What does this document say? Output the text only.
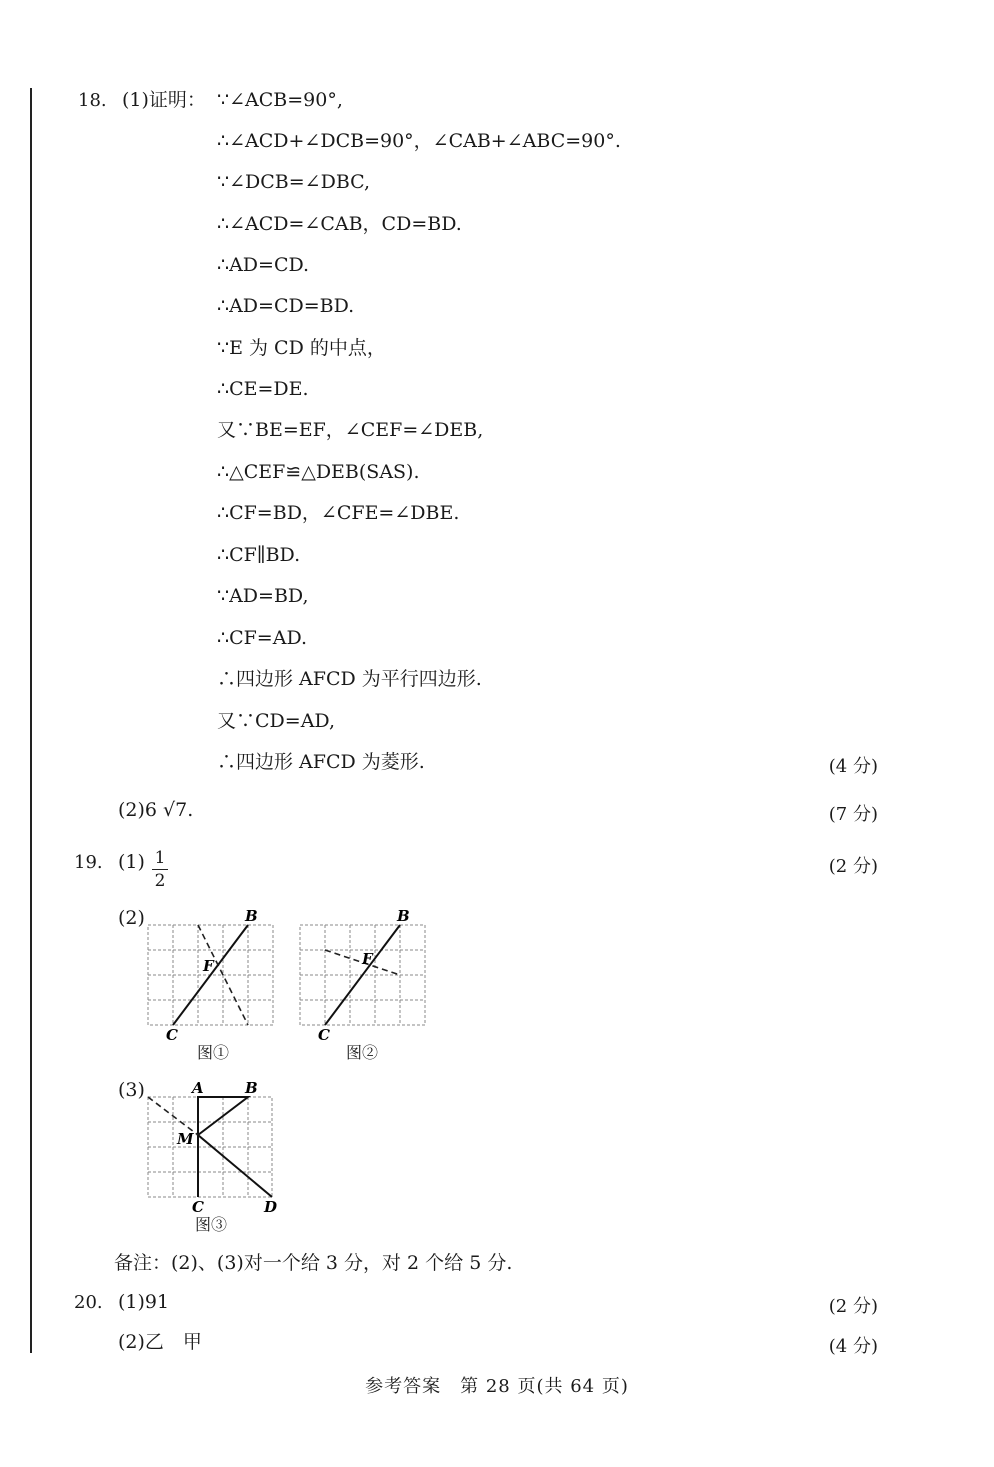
18. (1)证明： ∵∠ACB=90°,
∴∠ACD+∠DCB=90°，∠CAB+∠ABC=90°.
∵∠DCB=∠DBC,
∴∠ACD=∠CAB，CD=BD.
∴AD=CD.
∴AD=CD=BD.
∵E 为 CD 的中点，
∴CE=DE.
又∵BE=EF，∠CEF=∠DEB,
∴△CEF≌△DEB(SAS).
∴CF=BD，∠CFE=∠DBE.
∴CF∥BD.
∵AD=BD,
∴CF=AD.
∴四边形 AFCD 为平行四边形.
又∵CD=AD,
∴四边形 AFCD 为菱形.	(4 分)
(2)6 √7.	(7 分)
19. (1) 1
2
(2 分)
(2)	B
C
F
图①
B
C
F
图②
(3)	A	B
M
C	D
图③
备注：(2)、(3)对一个给 3 分，对 2 个给 5 分.
20. (1)91	(2 分)
(2)乙　甲	(4 分)
参考答案　第 28 页(共 64 页)
